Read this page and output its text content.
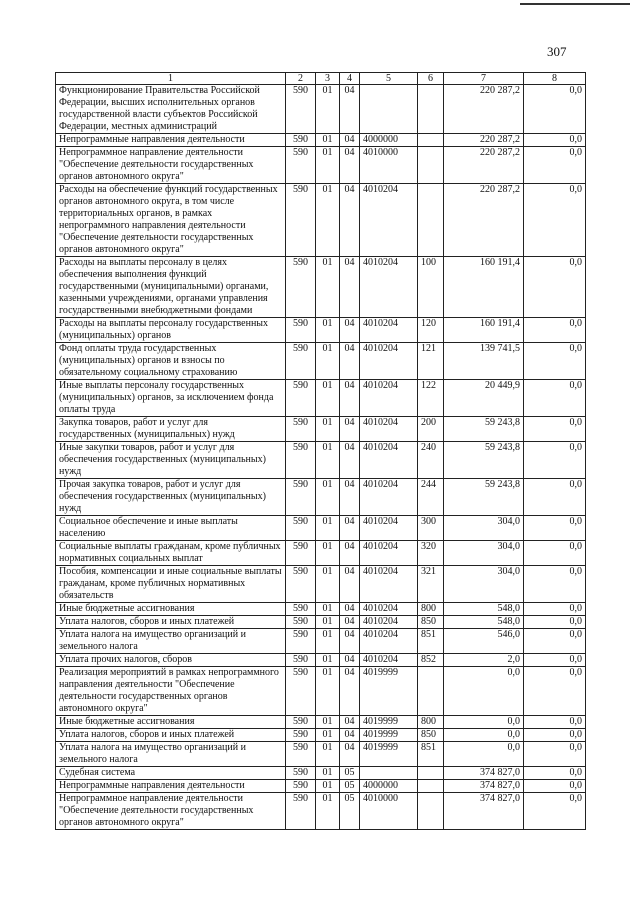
307
1	2	3	4	5	6	7	8
Функционирование Правительства Российской Федерации, высших исполнительных органов государственной власти субъектов Российской Федерации, местных администраций	590	01	04			220 287,2	0,0
Непрограммные направления деятельности	590	01	04	4000000		220 287,2	0,0
Непрограммное направление деятельности "Обеспечение деятельности государственных органов автономного округа"	590	01	04	4010000		220 287,2	0,0
Расходы на обеспечение функций государственных органов автономного округа, в том числе территориальных органов, в рамках непрограммного направления деятельности "Обеспечение деятельности государственных органов автономного округа"	590	01	04	4010204		220 287,2	0,0
Расходы на выплаты персоналу в целях обеспечения выполнения функций государственными (муниципальными) органами, казенными учреждениями, органами управления государственными внебюджетными фондами	590	01	04	4010204	100	160 191,4	0,0
Расходы на выплаты персоналу государственных (муниципальных) органов	590	01	04	4010204	120	160 191,4	0,0
Фонд оплаты труда государственных (муниципальных) органов и взносы по обязательному социальному страхованию	590	01	04	4010204	121	139 741,5	0,0
Иные выплаты персоналу государственных (муниципальных) органов, за исключением фонда оплаты труда	590	01	04	4010204	122	20 449,9	0,0
Закупка товаров, работ и услуг для государственных (муниципальных) нужд	590	01	04	4010204	200	59 243,8	0,0
Иные закупки товаров, работ и услуг для обеспечения государственных (муниципальных) нужд	590	01	04	4010204	240	59 243,8	0,0
Прочая закупка товаров, работ и услуг для обеспечения государственных (муниципальных) нужд	590	01	04	4010204	244	59 243,8	0,0
Социальное обеспечение и иные выплаты населению	590	01	04	4010204	300	304,0	0,0
Социальные выплаты гражданам, кроме публичных нормативных социальных выплат	590	01	04	4010204	320	304,0	0,0
Пособия, компенсации и иные социальные выплаты гражданам, кроме публичных нормативных обязательств	590	01	04	4010204	321	304,0	0,0
Иные бюджетные ассигнования	590	01	04	4010204	800	548,0	0,0
Уплата налогов, сборов и иных платежей	590	01	04	4010204	850	548,0	0,0
Уплата налога на имущество организаций и земельного налога	590	01	04	4010204	851	546,0	0,0
Уплата прочих налогов, сборов	590	01	04	4010204	852	2,0	0,0
Реализация мероприятий в рамках непрограммного направления деятельности "Обеспечение деятельности государственных органов автономного округа"	590	01	04	4019999		0,0	0,0
Иные бюджетные ассигнования	590	01	04	4019999	800	0,0	0,0
Уплата налогов, сборов и иных платежей	590	01	04	4019999	850	0,0	0,0
Уплата налога на имущество организаций и земельного налога	590	01	04	4019999	851	0,0	0,0
Судебная система	590	01	05			374 827,0	0,0
Непрограммные направления деятельности	590	01	05	4000000		374 827,0	0,0
Непрограммное направление деятельности "Обеспечение деятельности государственных органов автономного округа"	590	01	05	4010000		374 827,0	0,0
